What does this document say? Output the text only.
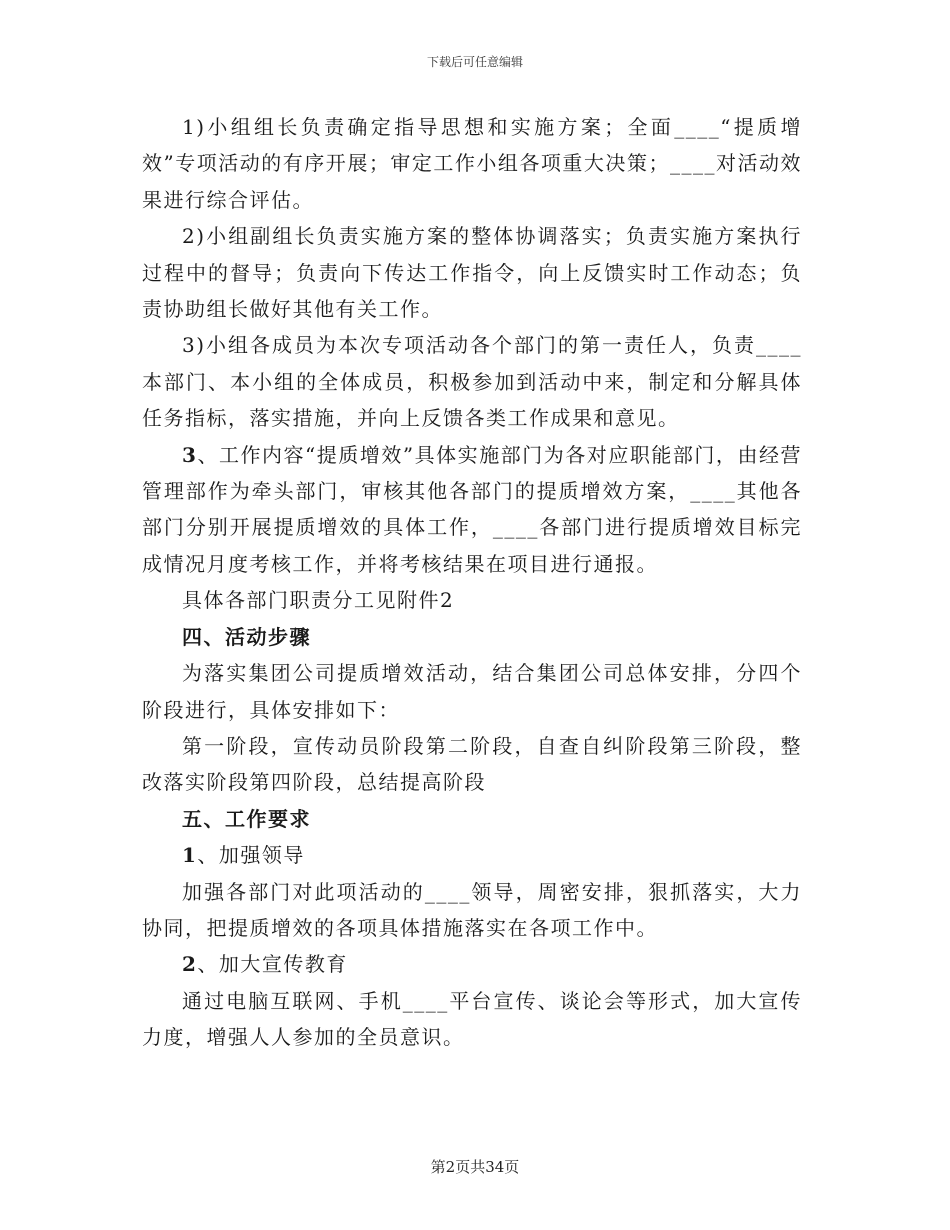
下载后可任意编辑

1)小组组长负责确定指导思想和实施方案；全面____“提质增效”专项活动的有序开展；审定工作小组各项重大决策；____对活动效果进行综合评估。

2)小组副组长负责实施方案的整体协调落实；负责实施方案执行过程中的督导；负责向下传达工作指令，向上反馈实时工作动态；负责协助组长做好其他有关工作。

3)小组各成员为本次专项活动各个部门的第一责任人，负责____本部门、本小组的全体成员，积极参加到活动中来，制定和分解具体任务指标，落实措施，并向上反馈各类工作成果和意见。

3、工作内容“提质增效”具体实施部门为各对应职能部门，由经营管理部作为牵头部门，审核其他各部门的提质增效方案，____其他各部门分别开展提质增效的具体工作，____各部门进行提质增效目标完成情况月度考核工作，并将考核结果在项目进行通报。

具体各部门职责分工见附件2

四、活动步骤

为落实集团公司提质增效活动，结合集团公司总体安排，分四个阶段进行，具体安排如下：

第一阶段，宣传动员阶段第二阶段，自查自纠阶段第三阶段，整改落实阶段第四阶段，总结提高阶段

五、工作要求

1、加强领导

加强各部门对此项活动的____领导，周密安排，狠抓落实，大力协同，把提质增效的各项具体措施落实在各项工作中。

2、加大宣传教育

通过电脑互联网、手机____平台宣传、谈论会等形式，加大宣传力度，增强人人参加的全员意识。

第2页共34页
